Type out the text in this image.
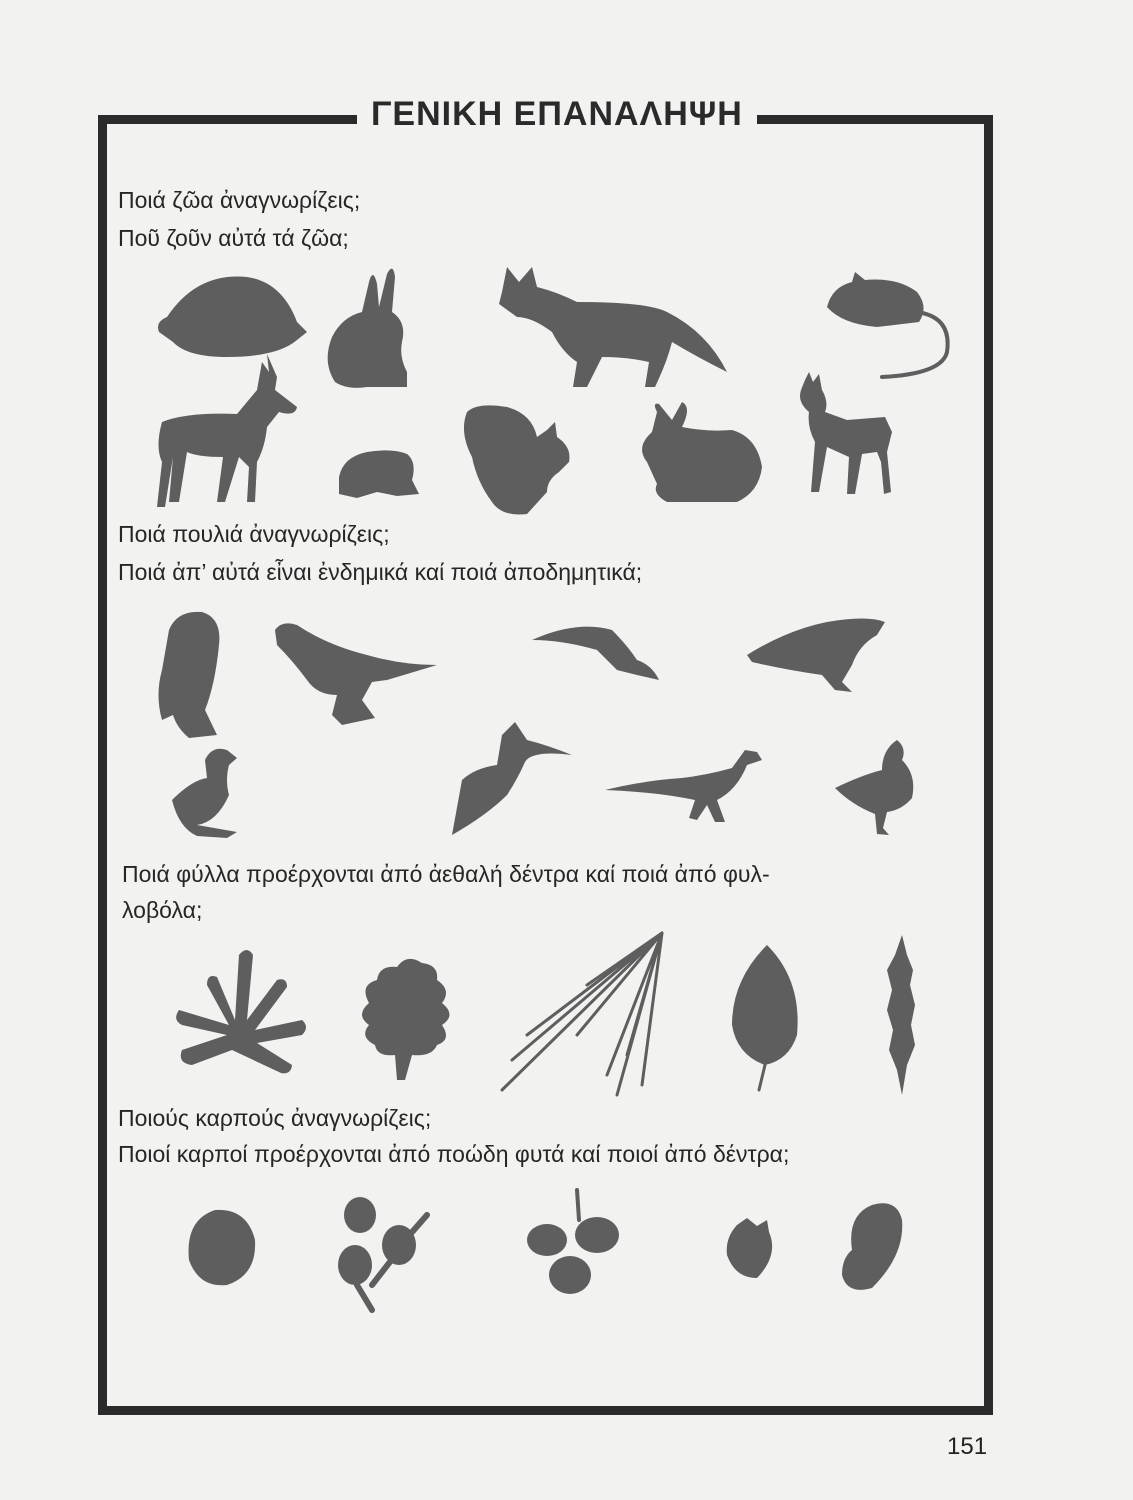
ΓΕΝΙΚΗ ΕΠΑΝΑΛΗΨΗ
Ποιά ζῶα ἀναγνωρίζεις;
Ποῦ ζοῦν αὐτά τά ζῶα;
Ποιά πουλιά ἀναγνωρίζεις;
Ποιά ἀπ’ αὐτά εἶναι ἐνδημικά καί ποιά ἀποδημητικά;
Ποιά φύλλα προέρχονται ἀπό ἀεθαλή δέντρα καί ποιά ἀπό φυλ-
λοβόλα;
Ποιούς καρπούς ἀναγνωρίζεις;
Ποιοί καρποί προέρχονται ἀπό ποώδη φυτά καί ποιοί ἀπό δέντρα;
151
